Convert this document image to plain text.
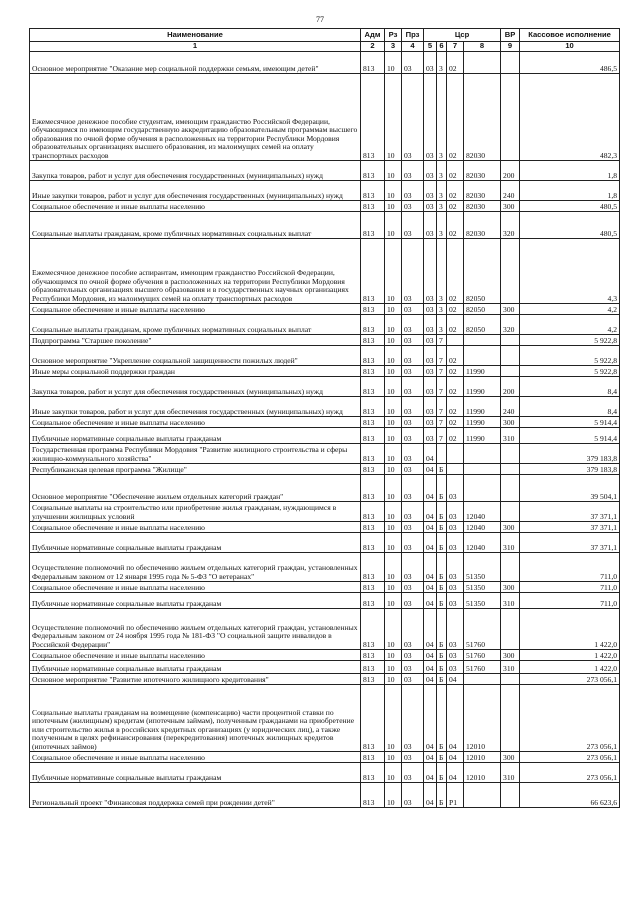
77
Наименование	Адм	Рз	Прз	Цср				ВР	Кассовое исполнение
1	2	3	4	5	6	7	8	9	10
Основное мероприятие "Оказание мер социальной поддержки семьям, имеющим детей"	813	10	03	03	3	02			486,5
Ежемесячное денежное пособие студентам, имеющим гражданство Российской Федерации, обучающимся по имеющим государственную аккредитацию образовательным программам высшего образования по очной форме обучения в расположенных на территории Республики Мордовия образовательных организациях высшего образования, из малоимущих семей на оплату транспортных расходов	813	10	03	03	3	02	82030		482,3
Закупка товаров, работ и услуг для обеспечения государственных (муниципальных) нужд	813	10	03	03	3	02	82030	200	1,8
Иные закупки товаров, работ и услуг для обеспечения государственных (муниципальных) нужд	813	10	03	03	3	02	82030	240	1,8
Социальное обеспечение и иные выплаты населению	813	10	03	03	3	02	82030	300	480,5
Социальные выплаты гражданам, кроме публичных нормативных социальных выплат	813	10	03	03	3	02	82030	320	480,5
Ежемесячное денежное пособие аспирантам, имеющим гражданство Российской Федерации, обучающимся по очной форме обучения в расположенных на территории Республики Мордовия образовательных организациях высшего образования и в государственных научных организациях Республики Мордовия, из малоимущих семей на оплату транспортных расходов	813	10	03	03	3	02	82050		4,3
Социальное обеспечение и иные выплаты населению	813	10	03	03	3	02	82050	300	4,2
Социальные выплаты гражданам, кроме публичных нормативных социальных выплат	813	10	03	03	3	02	82050	320	4,2
Подпрограмма "Старшее поколение"	813	10	03	03	7				5 922,8
Основное мероприятие "Укрепление социальной защищенности пожилых людей"	813	10	03	03	7	02			5 922,8
Иные меры социальной поддержки граждан	813	10	03	03	7	02	11990		5 922,8
Закупка товаров, работ и услуг для обеспечения государственных (муниципальных) нужд	813	10	03	03	7	02	11990	200	8,4
Иные закупки товаров, работ и услуг для обеспечения государственных (муниципальных) нужд	813	10	03	03	7	02	11990	240	8,4
Социальное обеспечение и иные выплаты населению	813	10	03	03	7	02	11990	300	5 914,4
Публичные нормативные социальные выплаты гражданам	813	10	03	03	7	02	11990	310	5 914,4
Государственная программа Республики Мордовия "Развитие жилищного строительства и сферы жилищно-коммунального хозяйства"	813	10	03	04					379 183,8
Республиканская целевая программа "Жилище"	813	10	03	04	Б				379 183,8
Основное мероприятие "Обеспечение жильем отдельных категорий граждан"	813	10	03	04	Б	03			39 504,1
Социальные выплаты на строительство или приобретение жилья гражданам, нуждающимся в улучшении жилищных условий	813	10	03	04	Б	03	12040		37 371,1
Социальное обеспечение и иные выплаты населению	813	10	03	04	Б	03	12040	300	37 371,1
Публичные нормативные социальные выплаты гражданам	813	10	03	04	Б	03	12040	310	37 371,1
Осуществление полномочий по обеспечению жильем отдельных категорий граждан, установленных Федеральным законом от 12 января 1995 года № 5-ФЗ "О ветеранах"	813	10	03	04	Б	03	51350		711,0
Социальное обеспечение и иные выплаты населению	813	10	03	04	Б	03	51350	300	711,0
Публичные нормативные социальные выплаты гражданам	813	10	03	04	Б	03	51350	310	711,0
Осуществление полномочий по обеспечению жильем отдельных категорий граждан, установленных Федеральным законом от 24 ноября 1995 года № 181-ФЗ "О социальной защите инвалидов в Российской Федерации"	813	10	03	04	Б	03	51760		1 422,0
Социальное обеспечение и иные выплаты населению	813	10	03	04	Б	03	51760	300	1 422,0
Публичные нормативные социальные выплаты гражданам	813	10	03	04	Б	03	51760	310	1 422,0
Основное мероприятие "Развитие ипотечного жилищного кредитования"	813	10	03	04	Б	04			273 056,1
Социальные выплаты гражданам на возмещение (компенсацию) части процентной ставки по ипотечным (жилищным) кредитам (ипотечным займам), полученным гражданами на приобретение или строительство жилья в российских кредитных организациях (у юридических лиц), а также полученным в целях рефинансирования (перекредитования) ипотечных жилищных кредитов (ипотечных займов)	813	10	03	04	Б	04	12010		273 056,1
Социальное обеспечение и иные выплаты населению	813	10	03	04	Б	04	12010	300	273 056,1
Публичные нормативные социальные выплаты гражданам	813	10	03	04	Б	04	12010	310	273 056,1
Региональный проект "Финансовая поддержка семей при рождении детей"	813	10	03	04	Б	Р1			66 623,6
